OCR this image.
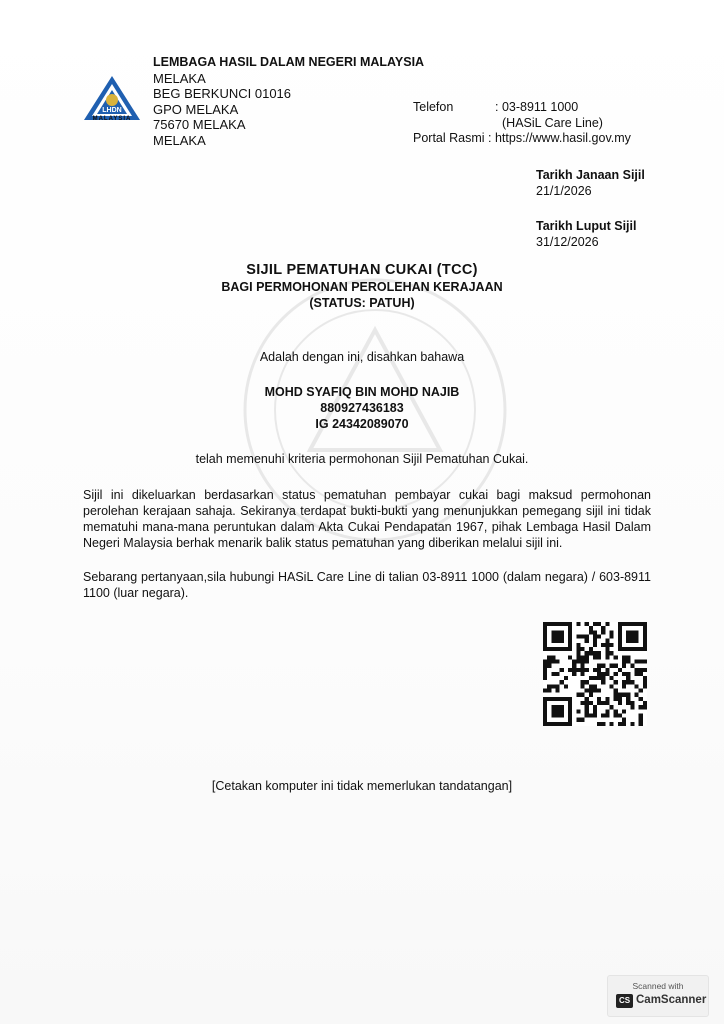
LHDN
MALAYSIA
LEMBAGA HASIL DALAM NEGERI MALAYSIA
MELAKA
BEG BERKUNCI 01016
GPO MELAKA
75670 MELAKA
MELAKA
Telefon	: 03-8911 1000
(HASiL Care Line)
Portal Rasmi : https://www.hasil.gov.my
Tarikh Janaan Sijil
21/1/2026
Tarikh Luput Sijil
31/12/2026
SIJIL PEMATUHAN CUKAI (TCC)
BAGI PERMOHONAN PEROLEHAN KERAJAAN
(STATUS: PATUH)
Adalah dengan ini, disahkan bahawa
MOHD SYAFIQ BIN MOHD NAJIB
880927436183
IG 24342089070
telah memenuhi kriteria permohonan Sijil Pematuhan Cukai.
Sijil ini dikeluarkan berdasarkan status pematuhan pembayar cukai bagi maksud permohonan perolehan kerajaan sahaja. Sekiranya terdapat bukti-bukti yang menunjukkan pemegang sijil ini tidak mematuhi mana-mana peruntukan dalam Akta Cukai Pendapatan 1967, pihak Lembaga Hasil Dalam Negeri Malaysia berhak menarik balik status pematuhan yang diberikan melalui sijil ini.
Sebarang pertanyaan,sila hubungi HASiL Care Line di talian 03-8911 1000 (dalam negara) / 603-8911 1100 (luar negara).
[Cetakan komputer ini tidak memerlukan tandatangan]
Scanned with
CS CamScanner
